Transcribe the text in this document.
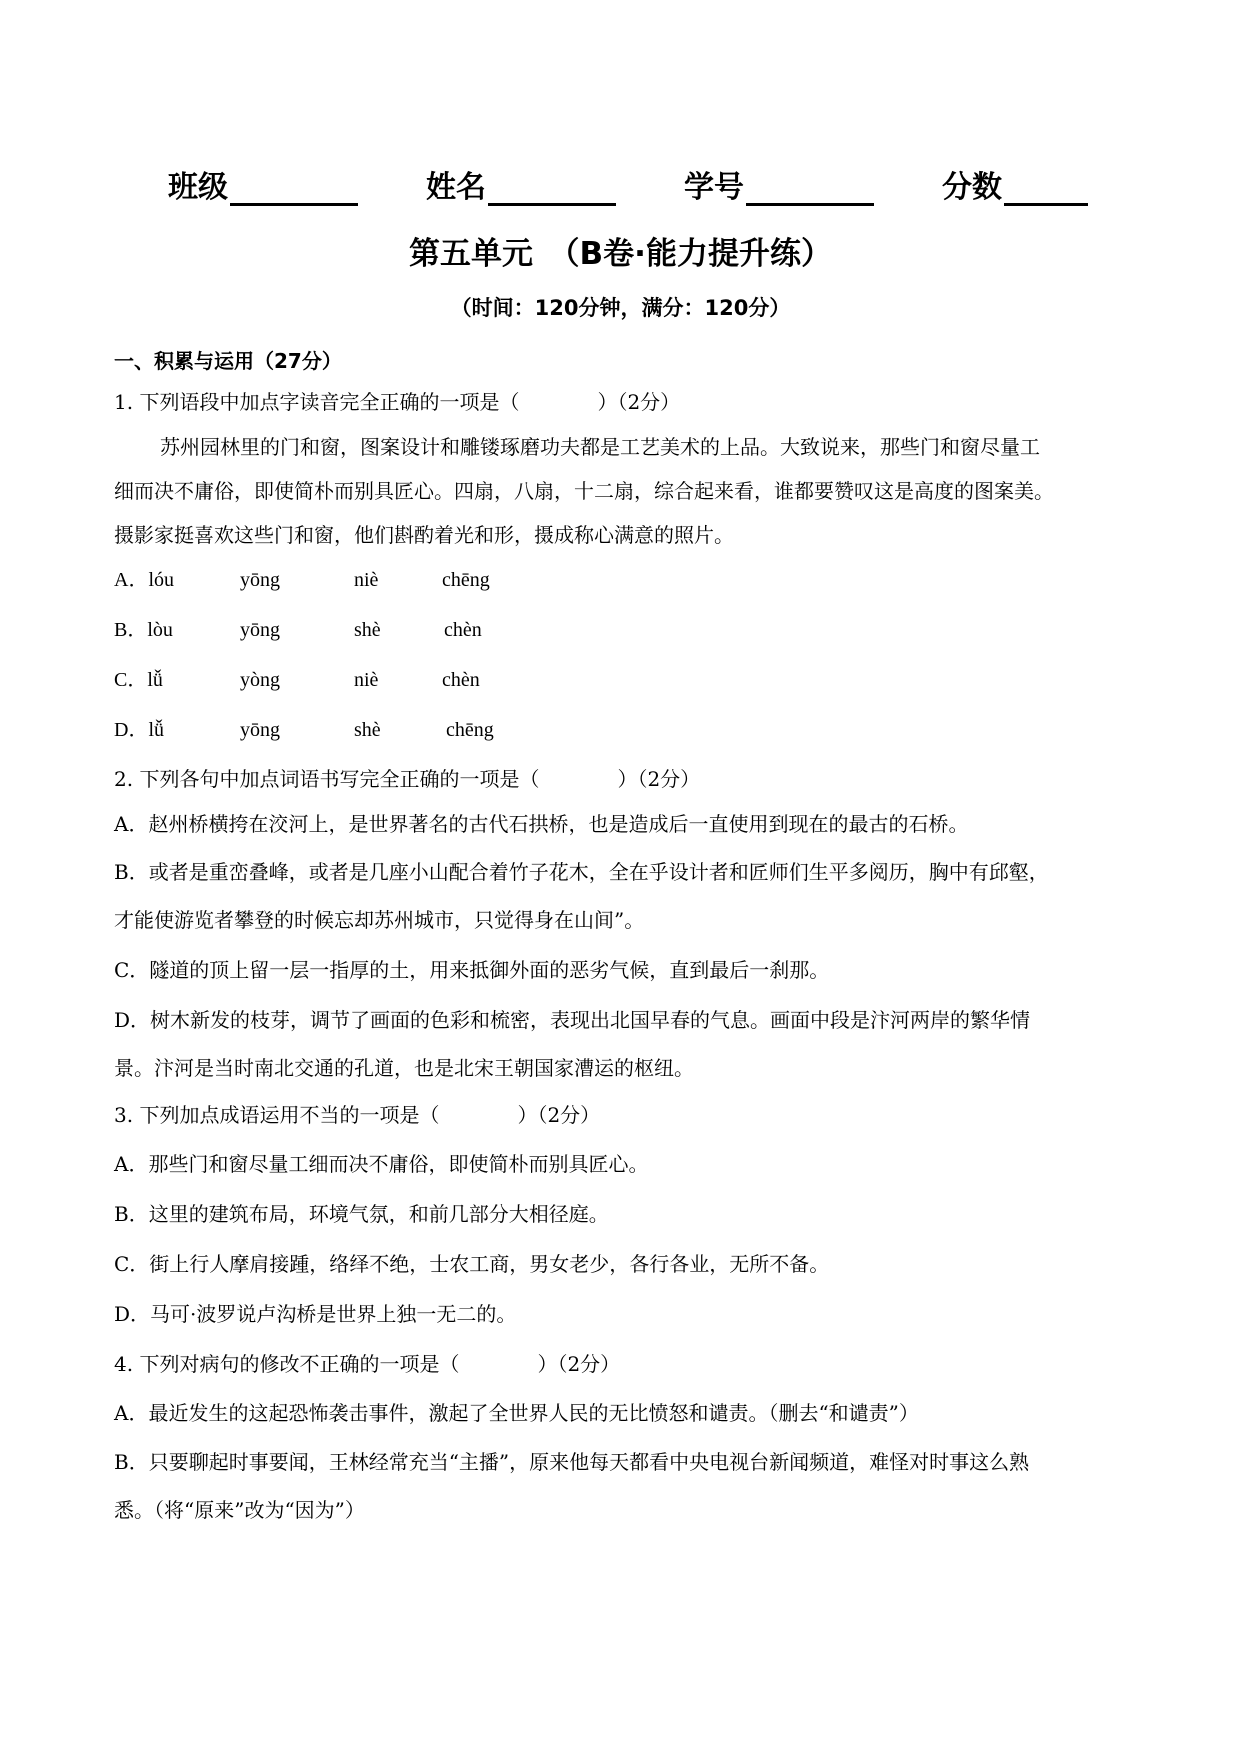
班级	姓名	学号	分数
第五单元　（B卷·能力提升练）
（时间：120分钟，满分：120分）
一、积累与运用（27分）
1. 下列语段中加点字读音完全正确的一项是（	）（2分）
苏州园林里的门和窗，图案设计和雕镂琢磨功夫都是工艺美术的上品。大致说来，那些门和窗尽量工
细而决不庸俗，即使简朴而别具匠心。四扇，八扇，十二扇，综合起来看，谁都要赞叹这是高度的图案美。
摄影家挺喜欢这些门和窗，他们斟酌着光和形，摄成称心满意的照片。
A．lóu	yōng	niè	chēng
B．lòu	yōng	shè	chèn
C．lǚ	yòng	niè	chèn
D．lǚ	yōng	shè	chēng
2. 下列各句中加点词语书写完全正确的一项是（	）（2分）
A．赵州桥横挎在洨河上，是世界著名的古代石拱桥，也是造成后一直使用到现在的最古的石桥。
B．或者是重峦叠峰，或者是几座小山配合着竹子花木，全在乎设计者和匠师们生平多阅历，胸中有邱壑，
才能使游览者攀登的时候忘却苏州城市，只觉得身在山间”。
C．隧道的顶上留一层一指厚的土，用来抵御外面的恶劣气候，直到最后一刹那。
D．树木新发的枝芽，调节了画面的色彩和梳密，表现出北国早春的气息。画面中段是汴河两岸的繁华情
景。汴河是当时南北交通的孔道，也是北宋王朝国家漕运的枢纽。
3. 下列加点成语运用不当的一项是（	）（2分）
A．那些门和窗尽量工细而决不庸俗，即使简朴而别具匠心。
B．这里的建筑布局，环境气氛，和前几部分大相径庭。
C．街上行人摩肩接踵，络绎不绝，士农工商，男女老少，各行各业，无所不备。
D．马可·波罗说卢沟桥是世界上独一无二的。
4. 下列对病句的修改不正确的一项是（	）（2分）
A．最近发生的这起恐怖袭击事件，激起了全世界人民的无比愤怒和谴责。（删去“和谴责”）
B．只要聊起时事要闻，王林经常充当“主播”，原来他每天都看中央电视台新闻频道，难怪对时事这么熟
悉。（将“原来”改为“因为”）
